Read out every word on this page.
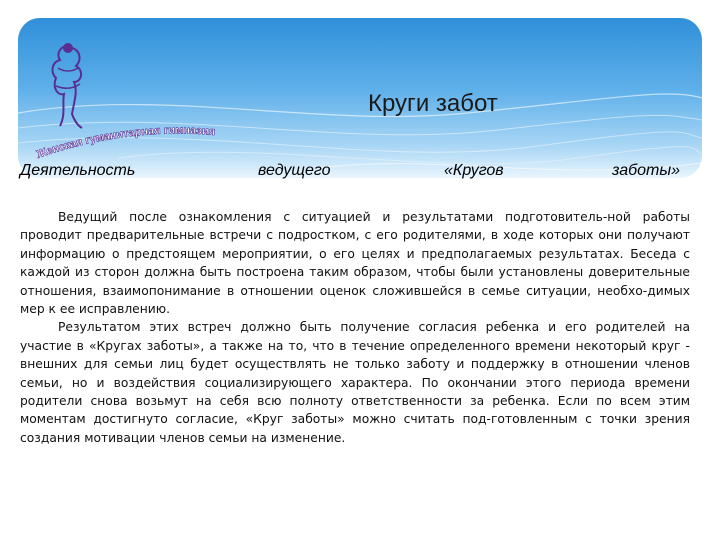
Женская гуманитарная гимназия
Круги забот
Деятельность	ведущего	«Кругов	заботы»

Ведущий после ознакомления с ситуацией и результатами подготовитель-ной работы проводит предварительные встречи с подростком, с его родителями, в ходе которых они получают информацию о предстоящем мероприятии, о его целях и предполагаемых результатах. Беседа с каждой из сторон должна быть построена таким образом, чтобы были установлены доверительные отношения, взаимопонимание в отношении оценок сложившейся в семье ситуации, необхо-димых мер к ее исправлению.

Результатом этих встреч должно быть получение согласия ребенка и его родителей на участие в «Кругах заботы», а также на то, что в течение определенного времени некоторый круг - внешних для семьи лиц будет осуществлять не только заботу и поддержку в отношении членов семьи, но и воздействия социализирующего характера. По окончании этого периода времени родители снова возьмут на себя всю полноту ответственности за ребенка. Если по всем этим моментам достигнуто согласие, «Круг заботы» можно считать под-готовленным с точки зрения создания мотивации членов семьи на изменение.
